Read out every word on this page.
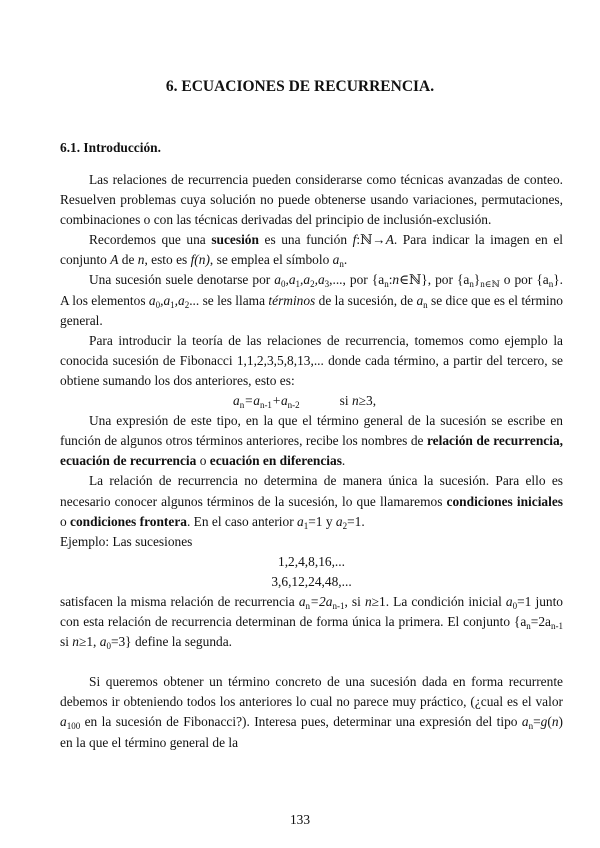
6. ECUACIONES DE RECURRENCIA.
6.1. Introducción.

Las relaciones de recurrencia pueden considerarse como técnicas avanzadas de conteo. Resuelven problemas cuya solución no puede obtenerse usando variaciones, permutaciones, combinaciones o con las técnicas derivadas del principio de inclusión-exclusión.

Recordemos que una sucesión es una función f:ℕ→A. Para indicar la imagen en el conjunto A de n, esto es f(n), se emplea el símbolo $a_n$.

Una sucesión suele denotarse por $a_0,a_1,a_2,a_3$,..., por $\{a_n:n\in ℕ\}$, por $\{a_n\}_{n\in ℕ}$ o por $\{a_n\}$. A los elementos $a_0,a_1,a_2$... se les llama términos de la sucesión, de $a_n$ se dice que es el término general.

Para introducir la teoría de las relaciones de recurrencia, tomemos como ejemplo la conocida sucesión de Fibonacci 1,1,2,3,5,8,13,... donde cada término, a partir del tercero, se obtiene sumando los dos anteriores, esto es:

$a_n=a_{n-1}+a_{n-2}$	si n≥3,

Una expresión de este tipo, en la que el término general de la sucesión se escribe en función de algunos otros términos anteriores, recibe los nombres de relación de recurrencia, ecuación de recurrencia o ecuación en diferencias.

La relación de recurrencia no determina de manera única la sucesión. Para ello es necesario conocer algunos términos de la sucesión, lo que llamaremos condiciones iniciales o condiciones frontera. En el caso anterior $a_1=1$ y $a_2=1$.

Ejemplo: Las sucesiones

1,2,4,8,16,...

3,6,12,24,48,...

satisfacen la misma relación de recurrencia $a_n=2a_{n-1}$, si n≥1. La condición inicial $a_0=1$ junto con esta relación de recurrencia determinan de forma única la primera. El conjunto {$a_n=2a_{n-1}$ si n≥1, $a_0=3$} define la segunda.

Si queremos obtener un término concreto de una sucesión dada en forma recurrente debemos ir obteniendo todos los anteriores lo cual no parece muy práctico, (¿cual es el valor $a_{100}$ en la sucesión de Fibonacci?). Interesa pues, determinar una expresión del tipo $a_n=g(n)$ en la que el término general de la

133
